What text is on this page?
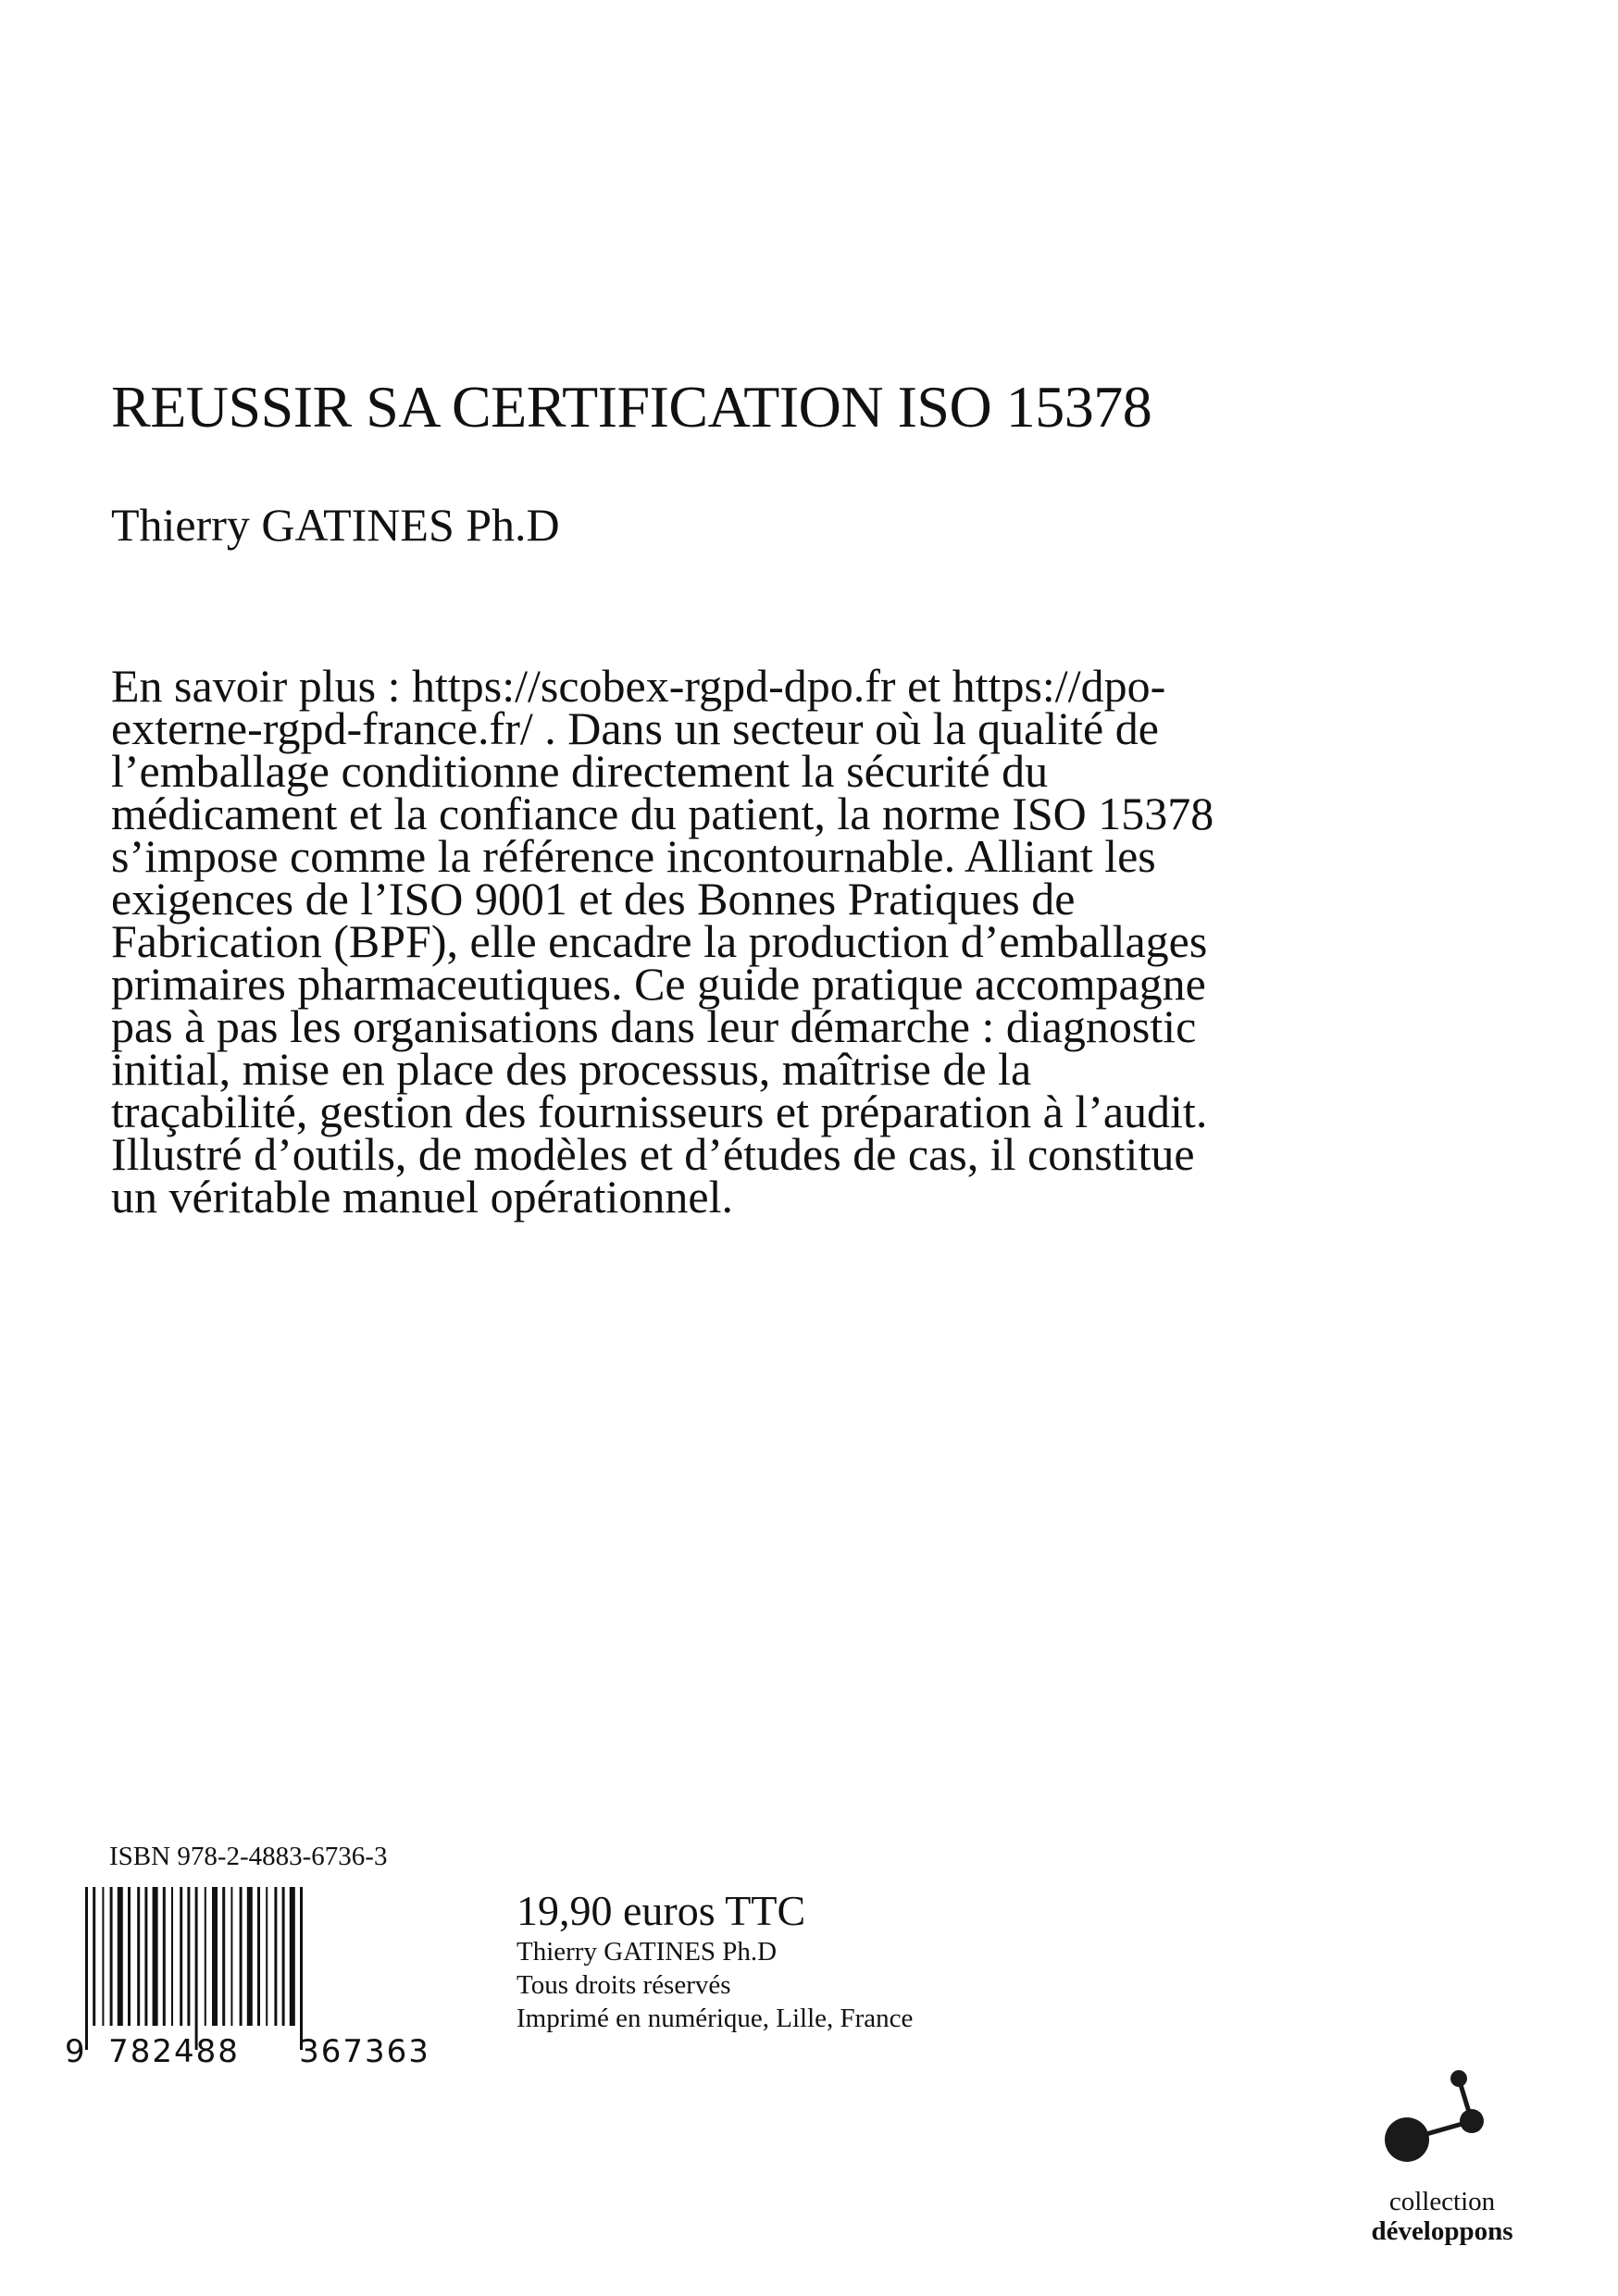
REUSSIR SA CERTIFICATION ISO 15378
Thierry GATINES Ph.D

En savoir plus : https://scobex-rgpd-dpo.fr et https://dpo-externe-rgpd-france.fr/ . Dans un secteur où la qualité de l’emballage conditionne directement la sécurité du médicament et la confiance du patient, la norme ISO 15378 s’impose comme la référence incontournable. Alliant les exigences de l’ISO 9001 et des Bonnes Pratiques de Fabrication (BPF), elle encadre la production d’emballages primaires pharmaceutiques. Ce guide pratique accompagne pas à pas les organisations dans leur démarche : diagnostic initial, mise en place des processus, maîtrise de la traçabilité, gestion des fournisseurs et préparation à l’audit. Illustré d’outils, de modèles et d’études de cas, il constitue un véritable manuel opérationnel.

ISBN 978-2-4883-6736-3
9 782488 367363
19,90 euros TTC
Thierry GATINES Ph.D
Tous droits réservés
Imprimé en numérique, Lille, France
collection
développons
